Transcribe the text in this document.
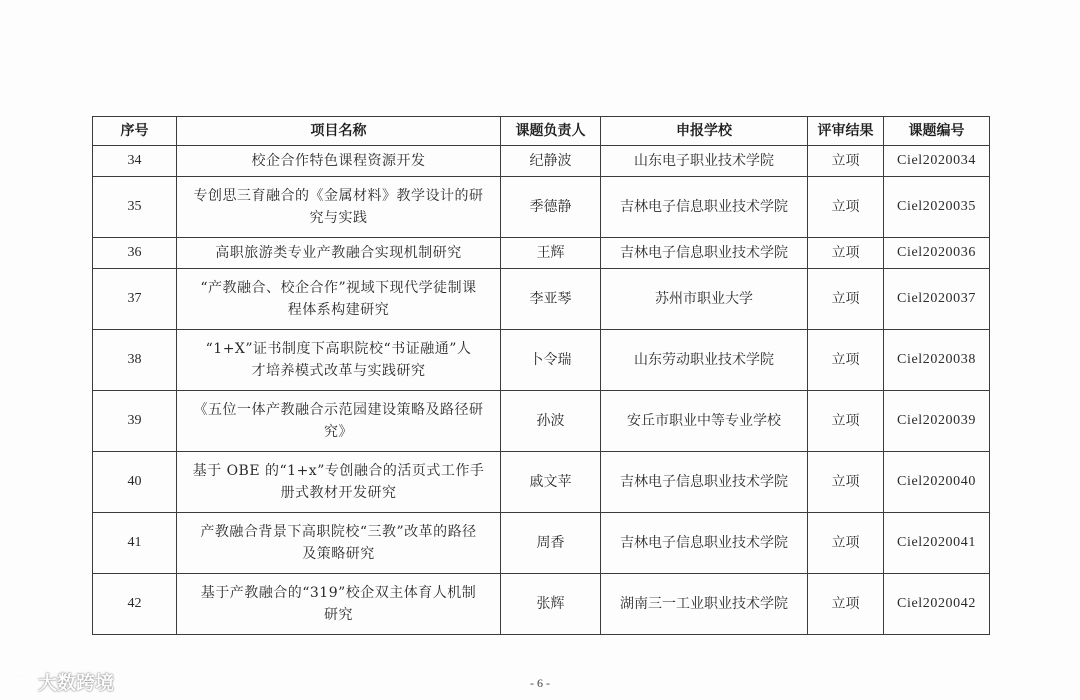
序号	项目名称	课题负责人	申报学校	评审结果	课题编号
34	校企合作特色课程资源开发	纪静波	山东电子职业技术学院	立项	Ciel2020034
35	专创思三育融合的《金属材料》教学设计的研
究与实践	季德静	吉林电子信息职业技术学院	立项	Ciel2020035
36	高职旅游类专业产教融合实现机制研究	王辉	吉林电子信息职业技术学院	立项	Ciel2020036
37	“产教融合、校企合作”视域下现代学徒制课
程体系构建研究	李亚琴	苏州市职业大学	立项	Ciel2020037
38	“1+X”证书制度下高职院校“书证融通”人
才培养模式改革与实践研究	卜令瑞	山东劳动职业技术学院	立项	Ciel2020038
39	《五位一体产教融合示范园建设策略及路径研
究》	孙波	安丘市职业中等专业学校	立项	Ciel2020039
40	基于 OBE 的“1+x”专创融合的活页式工作手
册式教材开发研究	戚文苹	吉林电子信息职业技术学院	立项	Ciel2020040
41	产教融合背景下高职院校“三教”改革的路径
及策略研究	周香	吉林电子信息职业技术学院	立项	Ciel2020041
42	基于产教融合的“319”校企双主体育人机制
研究	张辉	湖南三一工业职业技术学院	立项	Ciel2020042
- 6 -
大数跨境
